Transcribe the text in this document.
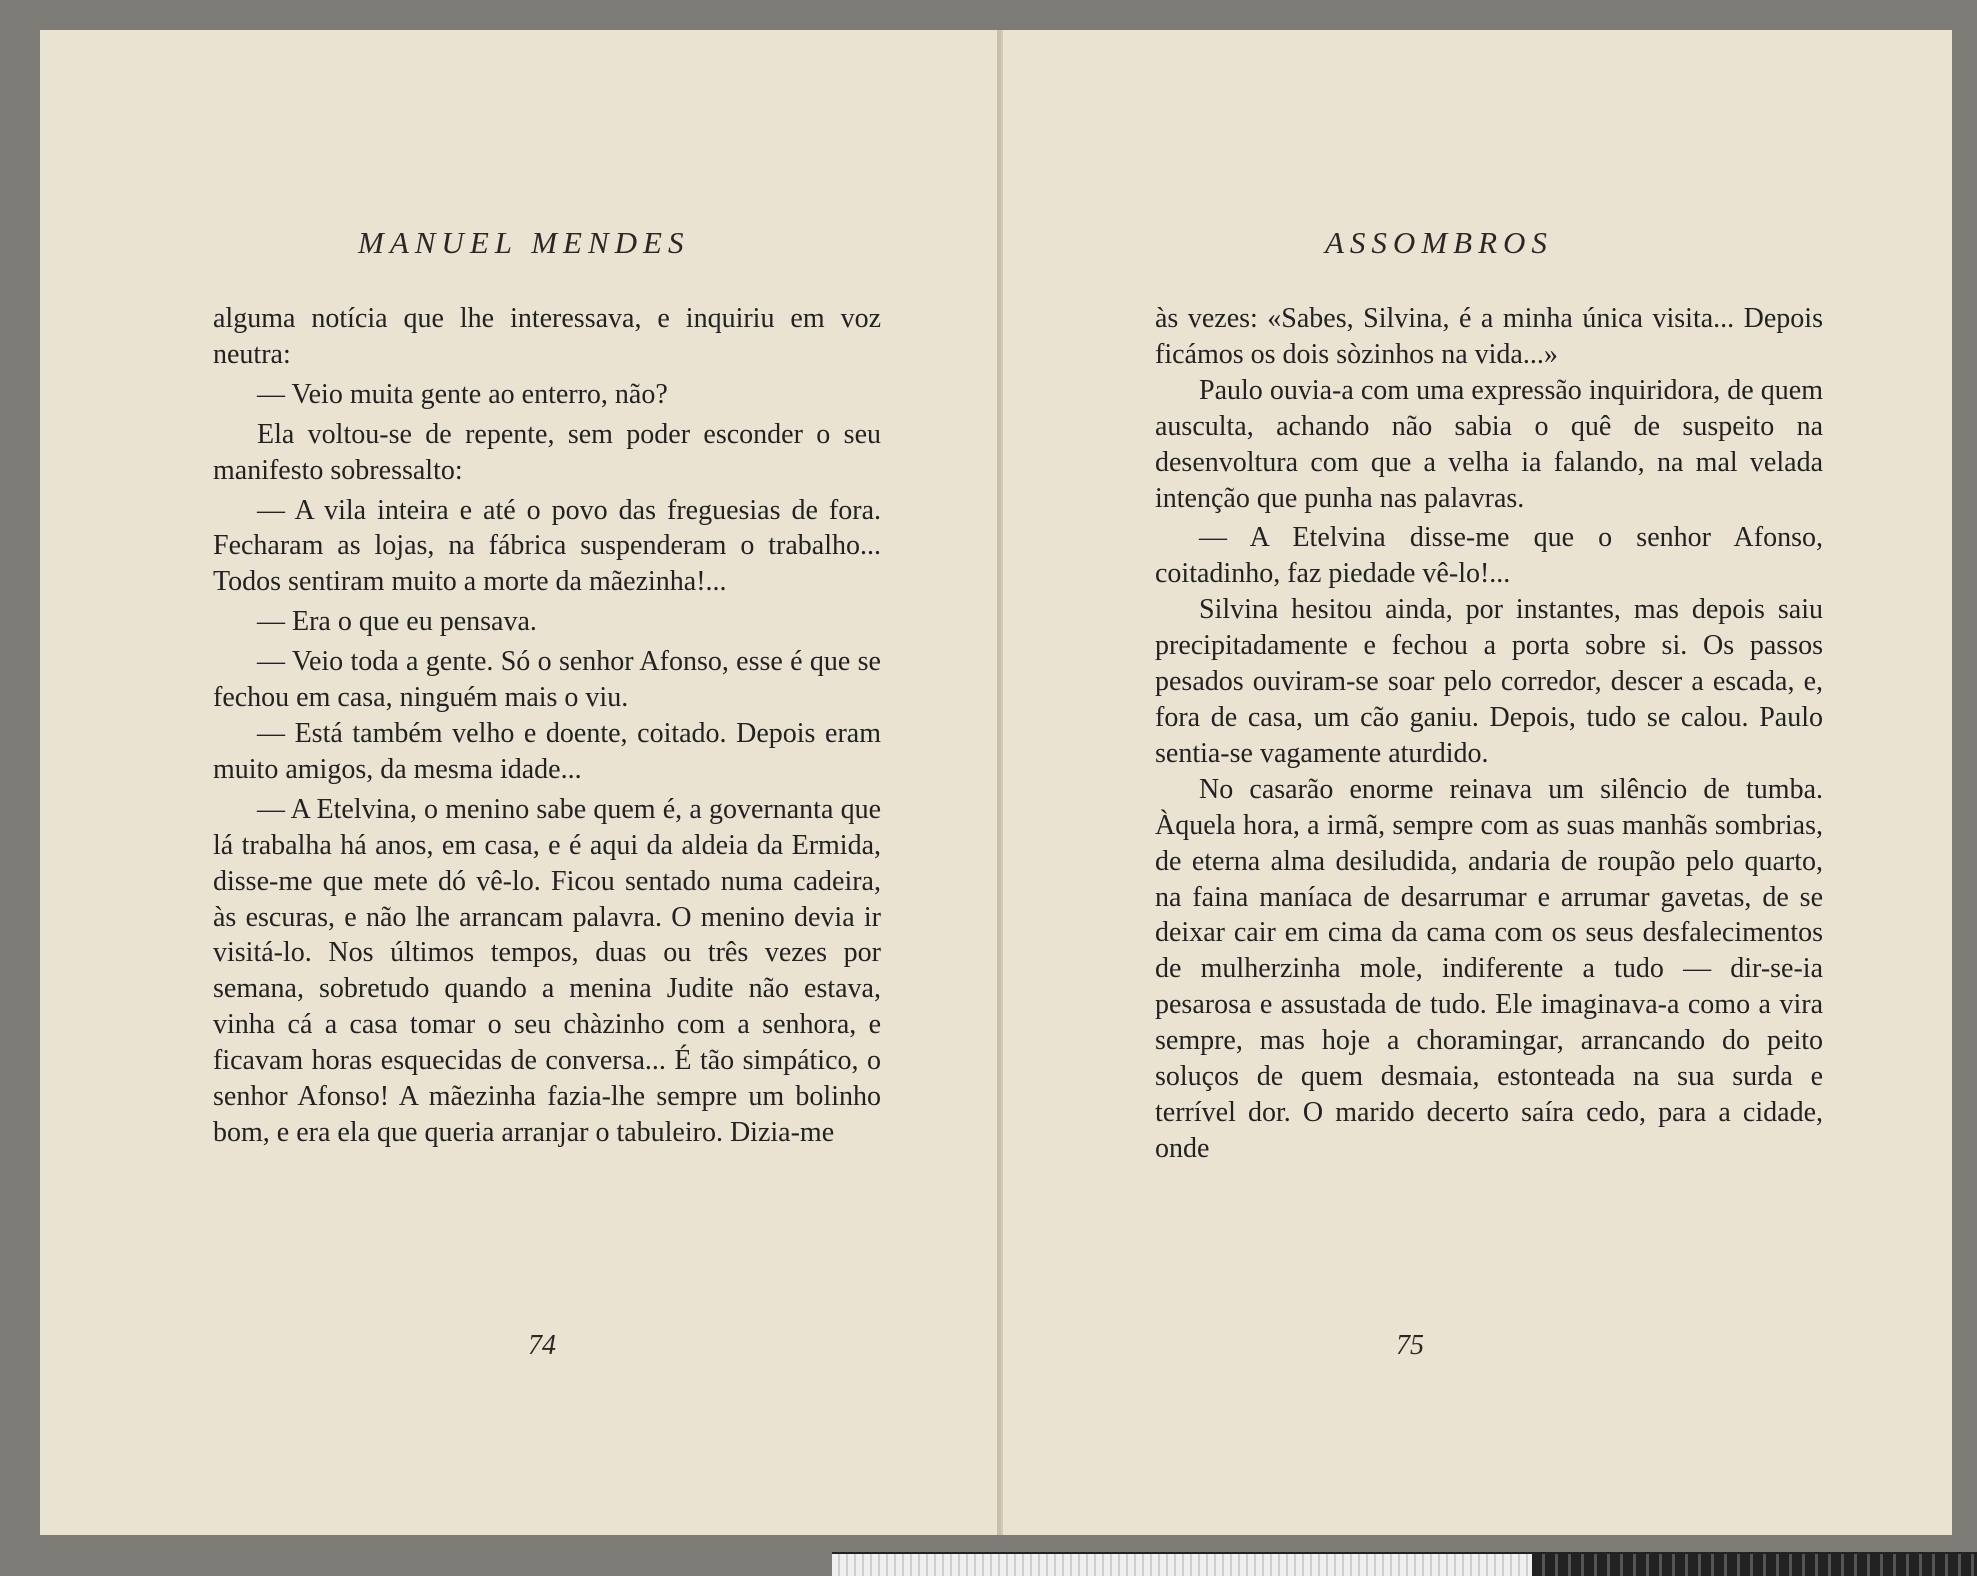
MANUEL MENDES

alguma notícia que lhe interessava, e inquiriu em voz neutra:

— Veio muita gente ao enterro, não?

Ela voltou-se de repente, sem poder esconder o seu manifesto sobressalto:

— A vila inteira e até o povo das freguesias de fora. Fecharam as lojas, na fábrica suspenderam o trabalho... Todos sentiram muito a morte da mãezinha!...

— Era o que eu pensava.

— Veio toda a gente. Só o senhor Afonso, esse é que se fechou em casa, ninguém mais o viu.

— Está também velho e doente, coitado. Depois eram muito amigos, da mesma idade...

— A Etelvina, o menino sabe quem é, a governanta que lá trabalha há anos, em casa, e é aqui da aldeia da Ermida, disse-me que mete dó vê-lo. Ficou sentado numa cadeira, às escuras, e não lhe arrancam palavra. O menino devia ir visitá-lo. Nos últimos tempos, duas ou três vezes por semana, sobretudo quando a menina Judite não estava, vinha cá a casa tomar o seu chàzinho com a senhora, e ficavam horas esquecidas de conversa... É tão simpático, o senhor Afonso! A mãezinha fazia-lhe sempre um bolinho bom, e era ela que queria arranjar o tabuleiro. Dizia-me

74
ASSOMBROS

às vezes: «Sabes, Silvina, é a minha única visita... Depois ficámos os dois sòzinhos na vida...»

Paulo ouvia-a com uma expressão inquiridora, de quem ausculta, achando não sabia o quê de suspeito na desenvoltura com que a velha ia falando, na mal velada intenção que punha nas palavras.

— A Etelvina disse-me que o senhor Afonso, coitadinho, faz piedade vê-lo!...

Silvina hesitou ainda, por instantes, mas depois saiu precipitadamente e fechou a porta sobre si. Os passos pesados ouviram-se soar pelo corredor, descer a escada, e, fora de casa, um cão ganiu. Depois, tudo se calou. Paulo sentia-se vagamente aturdido.

No casarão enorme reinava um silêncio de tumba. Àquela hora, a irmã, sempre com as suas manhãs sombrias, de eterna alma desiludida, andaria de roupão pelo quarto, na faina maníaca de desarrumar e arrumar gavetas, de se deixar cair em cima da cama com os seus desfalecimentos de mulherzinha mole, indiferente a tudo — dir-se-ia pesarosa e assustada de tudo. Ele imaginava-a como a vira sempre, mas hoje a choramingar, arrancando do peito soluços de quem desmaia, estonteada na sua surda e terrível dor. O marido decerto saíra cedo, para a cidade, onde

75
